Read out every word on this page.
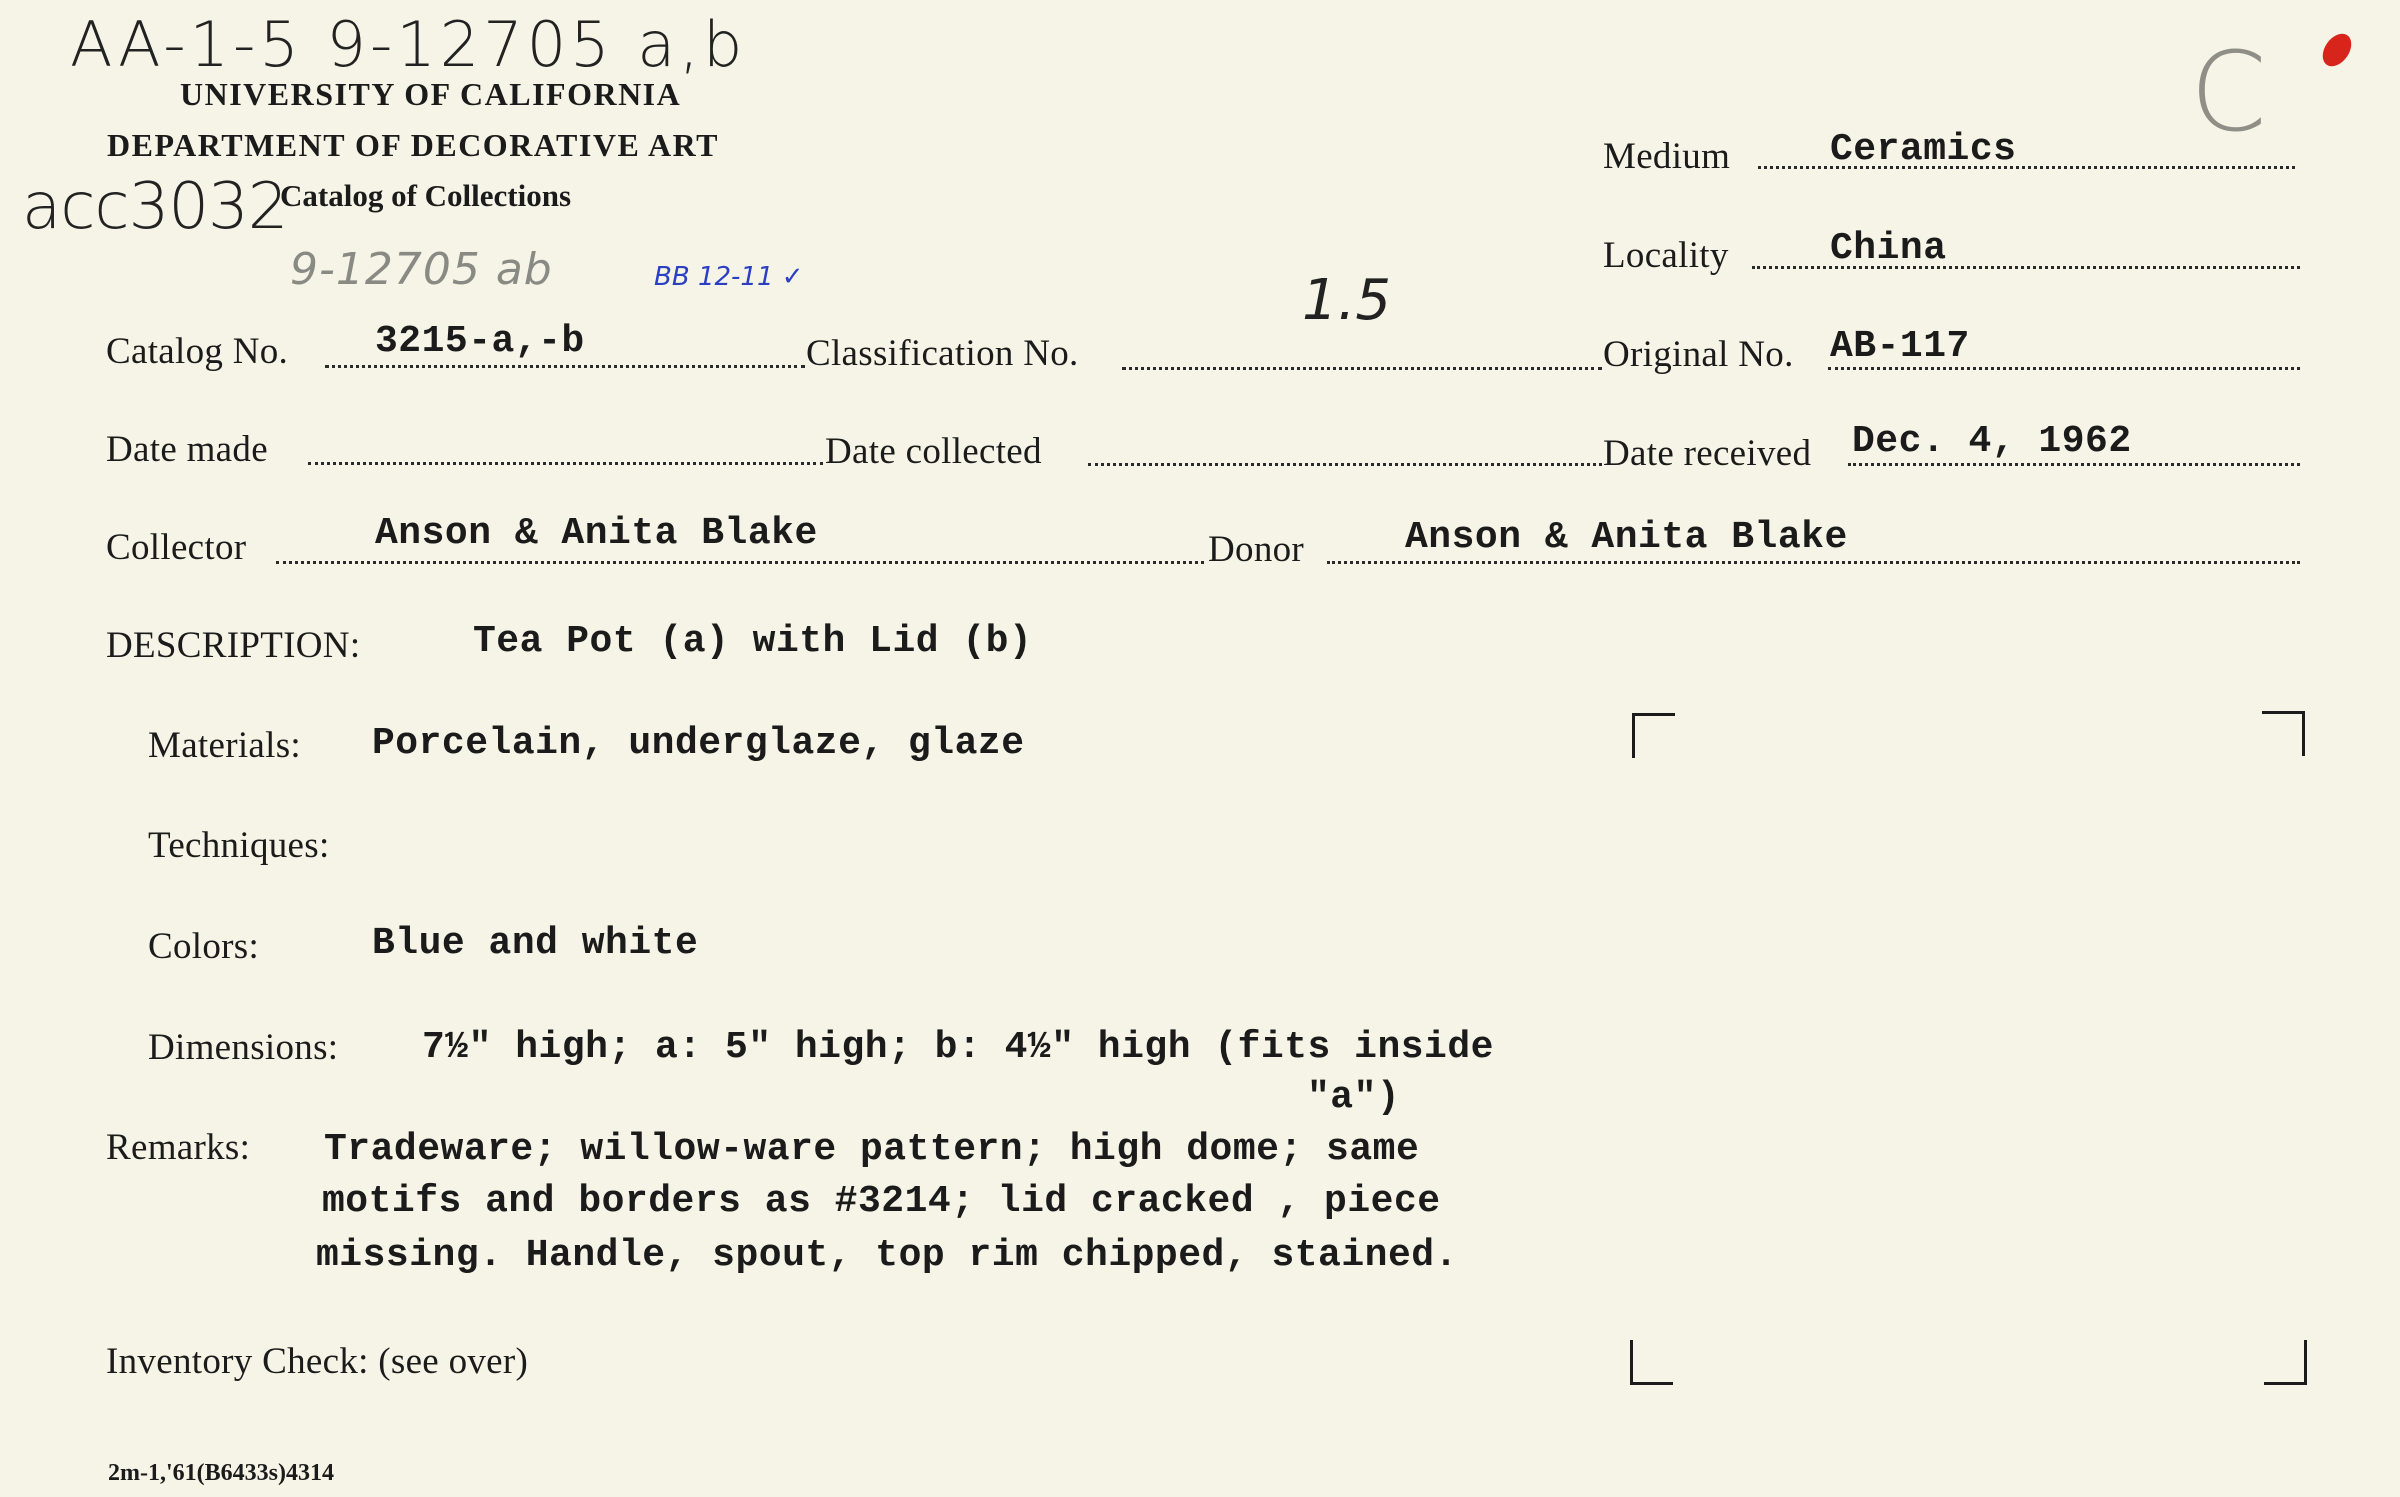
AA-1-5 9-12705 a,b
acc3032
9-12705 ab	BB 12-11 ✓	1.5
C
UNIVERSITY OF CALIFORNIA
DEPARTMENT OF DECORATIVE ART
Catalog of Collections
Medium	Ceramics
Locality	China
Catalog No. 3215-a,-b	Classification No.	Original No. AB-117
Date made	Date collected	Date received Dec. 4, 1962
Collector	Anson & Anita Blake	Donor	Anson & Anita Blake
DESCRIPTION:	Tea Pot (a) with Lid (b)
Materials: Porcelain, underglaze, glaze
Techniques:
Colors:	Blue and white
Dimensions: 7½" high; a: 5" high; b: 4½" high (fits inside
"a")
Remarks: Tradeware; willow-ware pattern; high dome; same
motifs and borders as #3214; lid cracked , piece
missing. Handle, spout, top rim chipped, stained.
Inventory Check: (see over)
2m-1,'61(B6433s)4314
